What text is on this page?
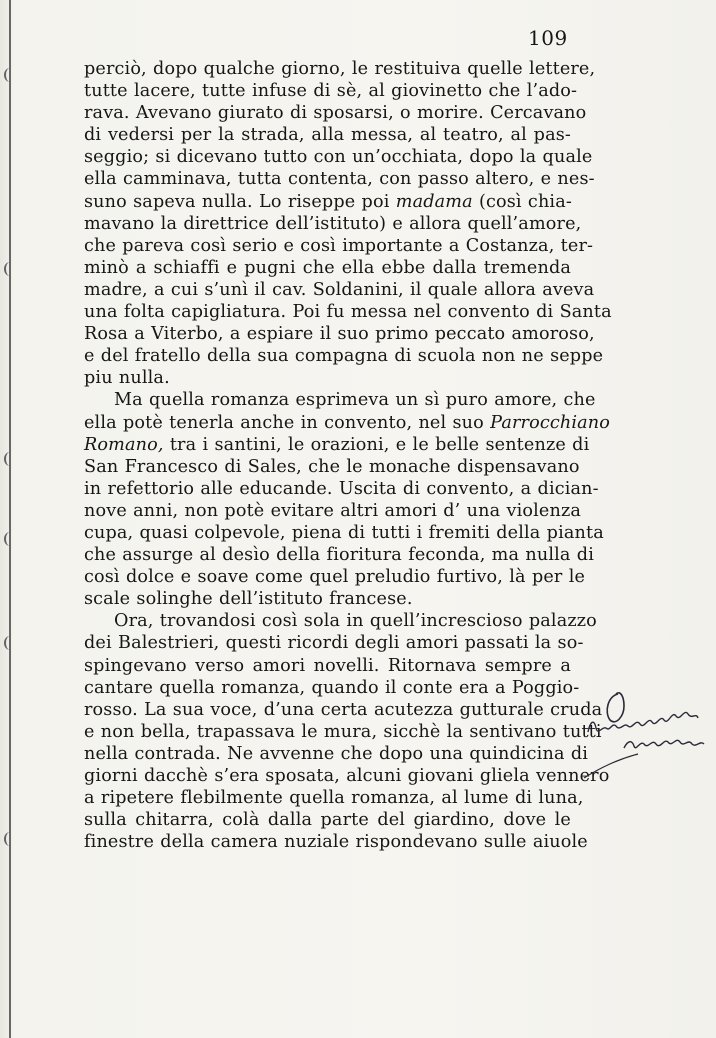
109
perciò, dopo qualche giorno, le restituiva quelle lettere,
tutte lacere, tutte infuse di sè, al giovinetto che l’ado-
rava. Avevano giurato di sposarsi, o morire. Cercavano
di vedersi per la strada, alla messa, al teatro, al pas-
seggio; si dicevano tutto con un’occhiata, dopo la quale
ella camminava, tutta contenta, con passo altero, e nes-
suno sapeva nulla. Lo riseppe poi madama (così chia-
mavano la direttrice dell’istituto) e allora quell’amore,
che pareva così serio e così importante a Costanza, ter-
minò a schiaffi e pugni che ella ebbe dalla tremenda
madre, a cui s’unì il cav. Soldanini, il quale allora aveva
una folta capigliatura. Poi fu messa nel convento di Santa
Rosa a Viterbo, a espiare il suo primo peccato amoroso,
e del fratello della sua compagna di scuola non ne seppe
piu nulla.
Ma quella romanza esprimeva un sì puro amore, che
ella potè tenerla anche in convento, nel suo Parrocchiano
Romano, tra i santini, le orazioni, e le belle sentenze di
San Francesco di Sales, che le monache dispensavano
in refettorio alle educande. Uscita di convento, a dician-
nove anni, non potè evitare altri amori d’ una violenza
cupa, quasi colpevole, piena di tutti i fremiti della pianta
che assurge al desìo della fioritura feconda, ma nulla di
così dolce e soave come quel preludio furtivo, là per le
scale solinghe dell’istituto francese.
Ora, trovandosi così sola in quell’increscioso palazzo
dei Balestrieri, questi ricordi degli amori passati la so-
spingevano verso amori novelli. Ritornava sempre a
cantare quella romanza, quando il conte era a Poggio-
rosso. La sua voce, d’una certa acutezza gutturale cruda
e non bella, trapassava le mura, sicchè la sentivano tutti
nella contrada. Ne avvenne che dopo una quindicina di
giorni dacchè s’era sposata, alcuni giovani gliela vennero
a ripetere flebilmente quella romanza, al lume di luna,
sulla chitarra, colà dalla parte del giardino, dove le
finestre della camera nuziale rispondevano sulle aiuole
